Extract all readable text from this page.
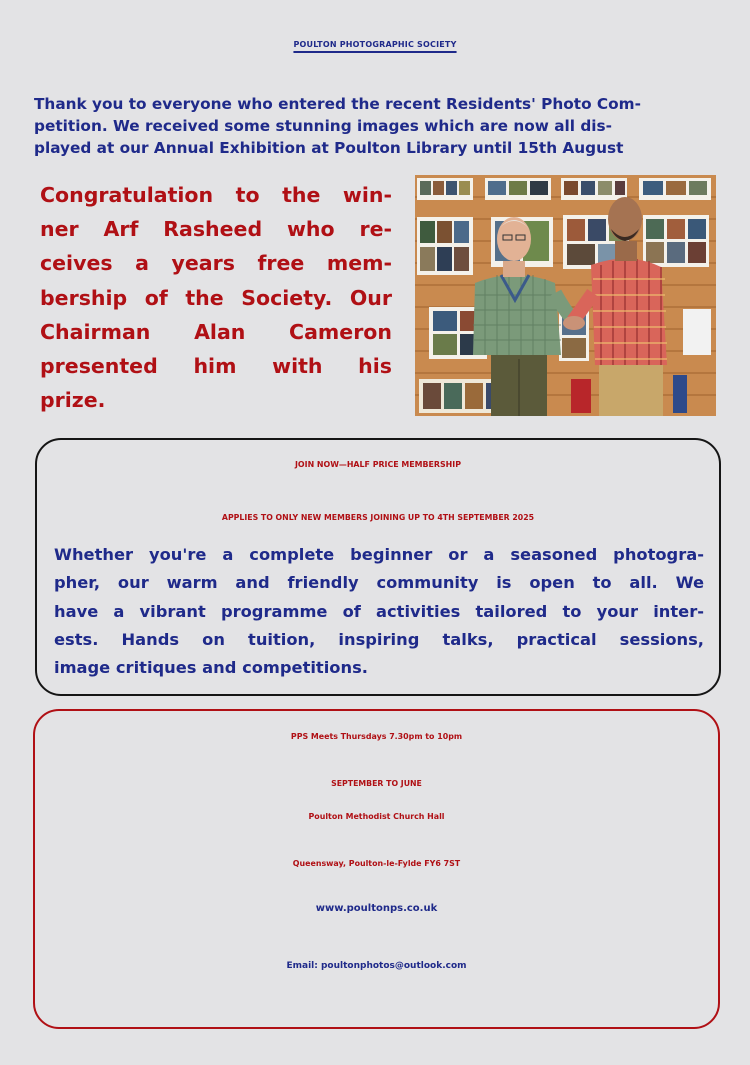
POULTON PHOTOGRAPHIC SOCIETY
Thank you to everyone who entered the recent Residents' Photo Com-
petition. We received some stunning images which are now all dis-
played at our Annual Exhibition at Poulton Library until 15th August
Congratulation to the win-
ner Arf Rasheed who re-
ceives a years free mem-
bership of the Society. Our
Chairman Alan Cameron
presented him with his
prize.
JOIN NOW—HALF PRICE MEMBERSHIP
APPLIES TO ONLY NEW MEMBERS JOINING UP TO 4TH SEPTEMBER 2025
Whether you're a complete beginner or a seasoned photogra-
pher, our warm and friendly community is open to all. We
have a vibrant programme of activities tailored to your inter-
ests. Hands on tuition, inspiring talks, practical sessions,
image critiques and competitions.
PPS Meets Thursdays 7.30pm to 10pm
SEPTEMBER TO JUNE
Poulton Methodist Church Hall
Queensway, Poulton-le-Fylde FY6 7ST
www.poultonps.co.uk
Email: poultonphotos@outlook.com
